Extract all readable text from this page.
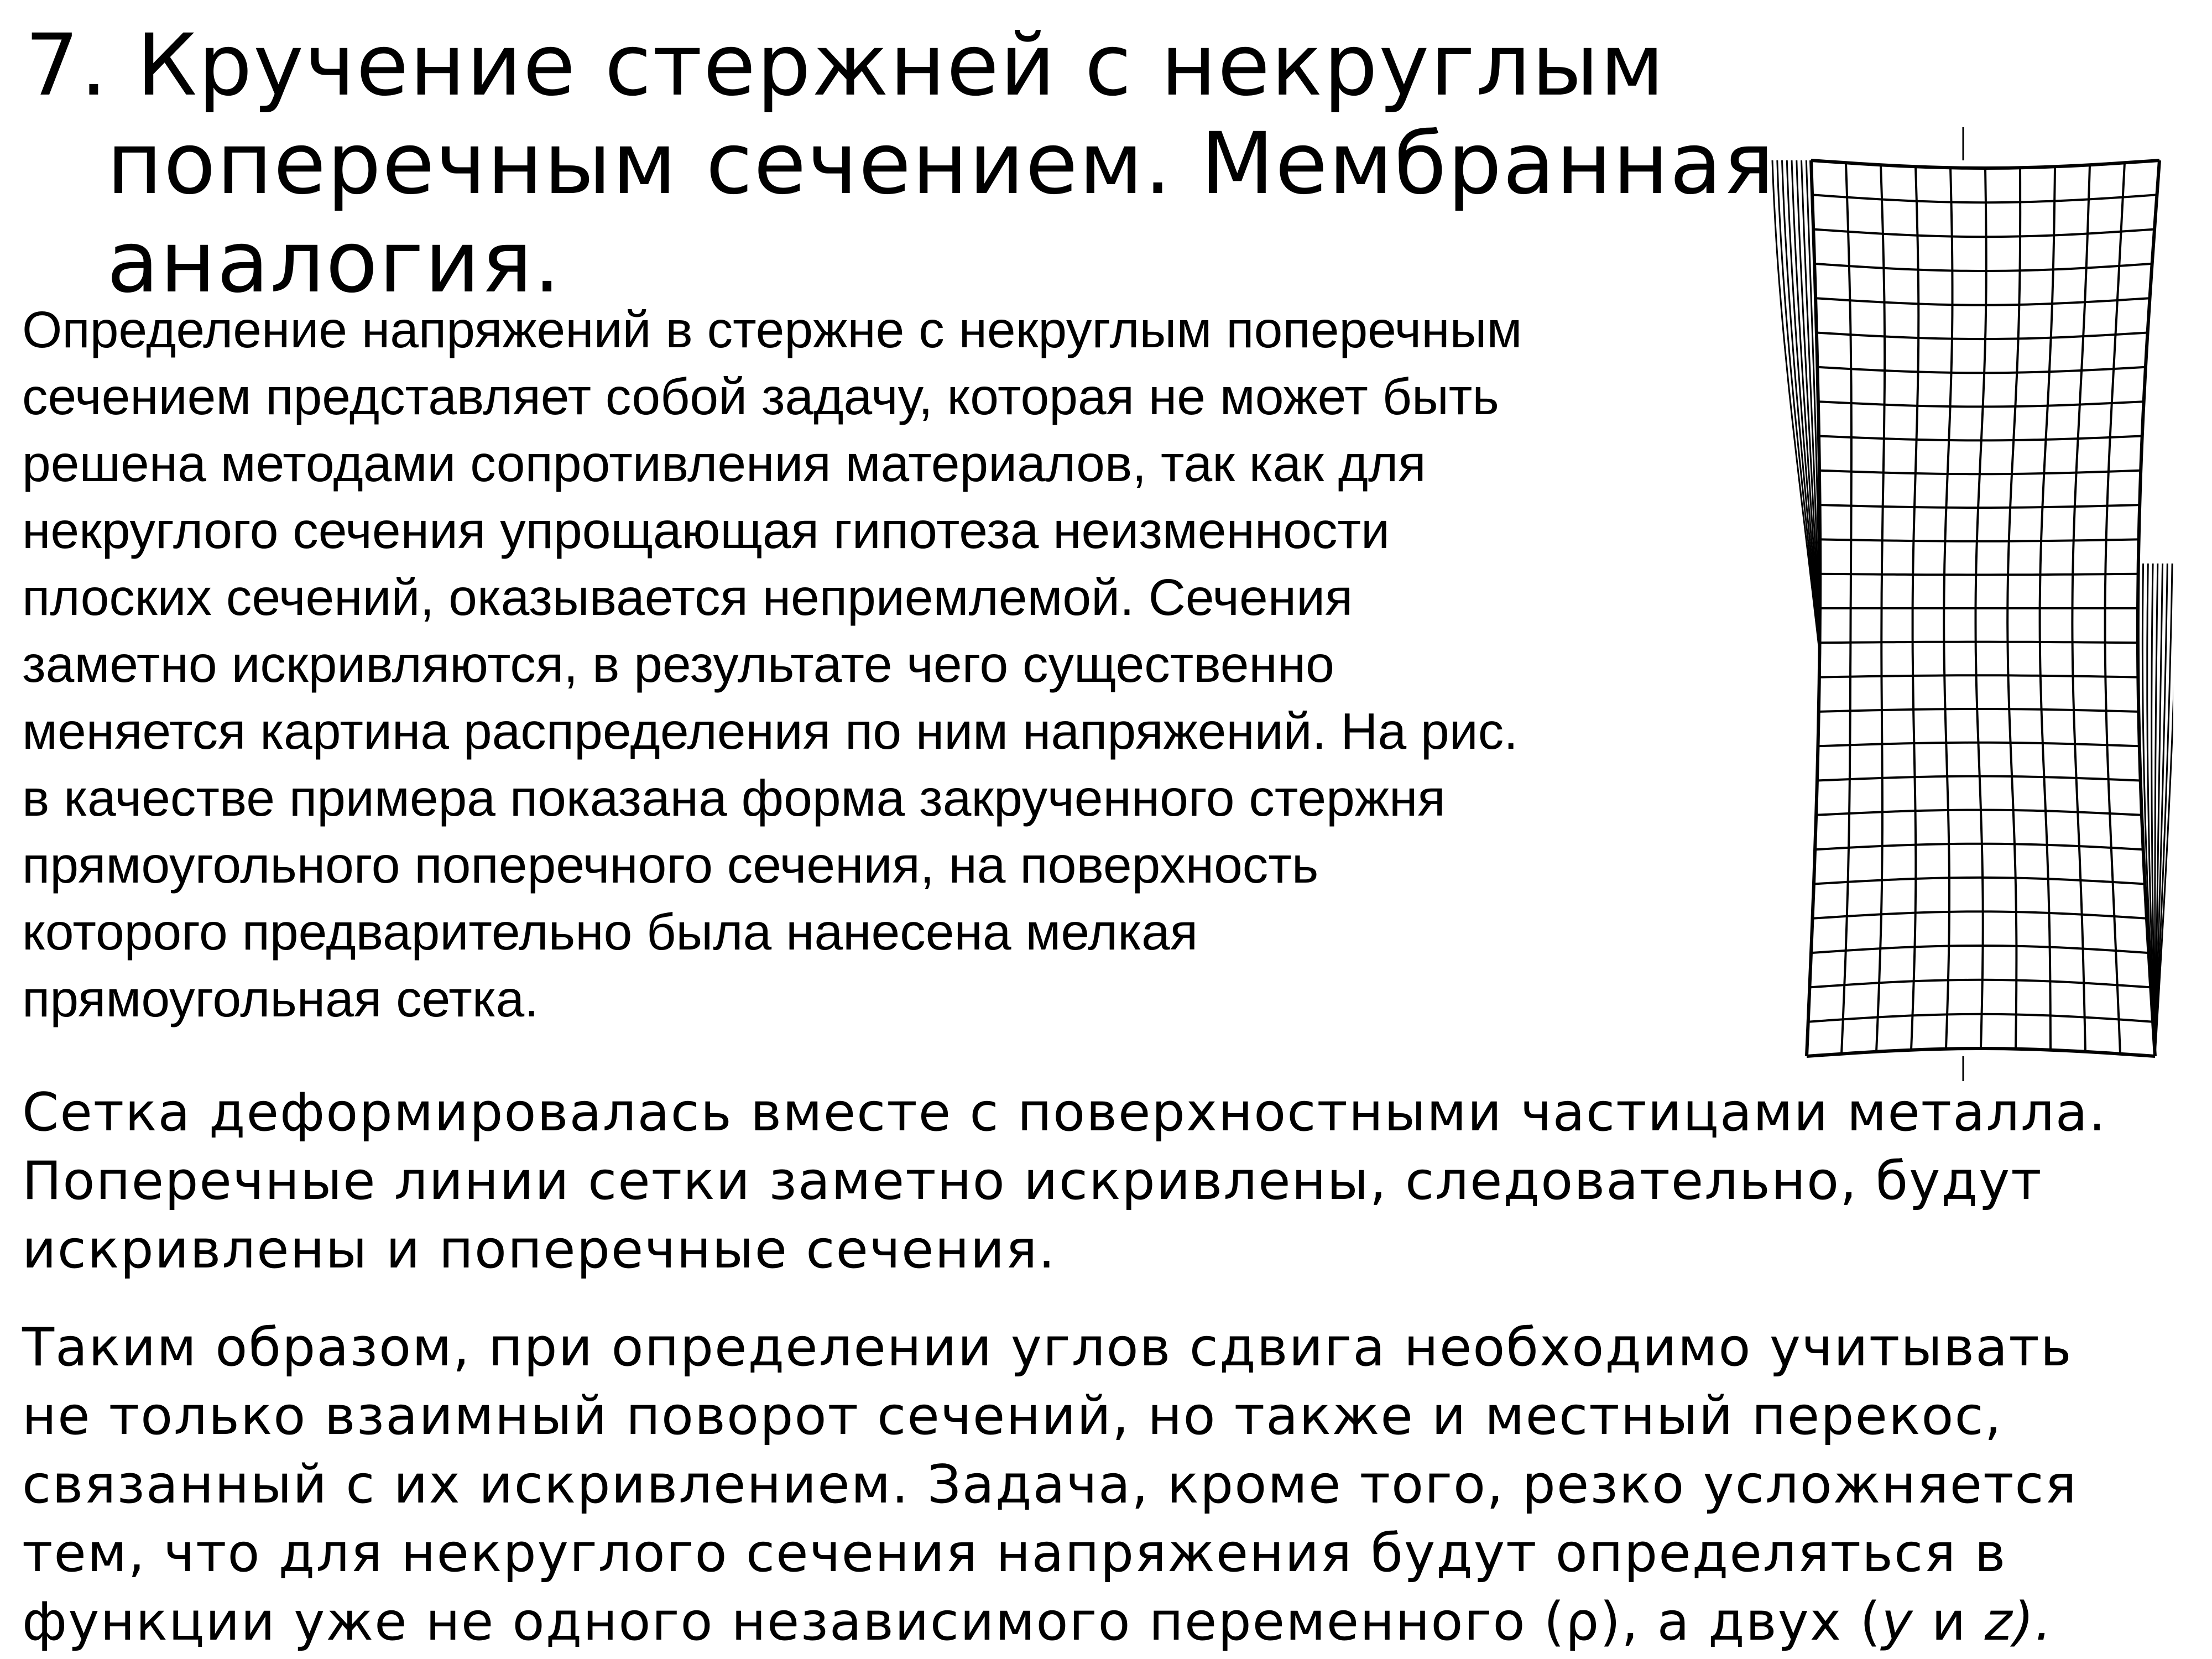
7. Кручение стержней с некруглым поперечным сечением. Мембранная аналогия.

Определение напряжений в стержне с некруглым поперечным
сечением представляет собой задачу, которая не может быть
решена методами сопротивления материалов, так как для
некруглого сечения упрощающая гипотеза неизменности
плоских сечений, оказывается неприемлемой. Сечения
заметно искривляются, в результате чего существенно
меняется картина распределения по ним напряжений. На рис.
в качестве примера показана форма закрученного стержня
прямоугольного поперечного сечения, на поверхность
которого предварительно была нанесена мелкая
прямоугольная сетка.

Сетка деформировалась вместе с поверхностными частицами металла.
Поперечные линии сетки заметно искривлены, следовательно, будут
искривлены и поперечные сечения.

Таким образом, при определении углов сдвига необходимо учитывать
не только взаимный поворот сечений, но также и местный перекос,
связанный с их искривлением. Задача, кроме того, резко усложняется
тем, что для некруглого сечения напряжения будут определяться в
функции уже не одного независимого переменного (ρ), а двух (y и z).
